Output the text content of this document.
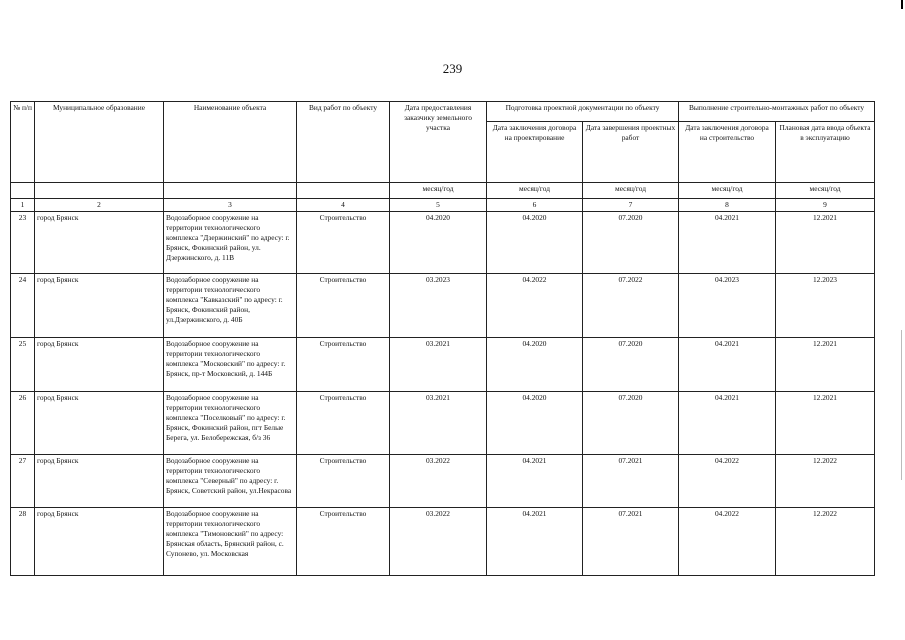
239
№ п/п	Муниципальное образование	Наименование объекта	Вид работ по объекту	Дата предоставления заказчику земельного участка	Подготовка проектной документации по объекту		Выполнение строительно-монтажных работ по объекту	
					Дата заключения договора на проектирование	Дата завершения проектных работ	Дата заключения договора на строительство	Плановая дата ввода объекта в эксплуатацию
				месяц/год	месяц/год	месяц/год	месяц/год	месяц/год
1	2	3	4	5	6	7	8	9
23	город Брянск	Водозаборное сооружение на территории технологического комплекса "Дзержинский" по адресу: г. Брянск, Фокинский район, ул. Дзержинского, д. 11В	Строительство	04.2020	04.2020	07.2020	04.2021	12.2021
24	город Брянск	Водозаборное сооружение на территории технологического комплекса "Кавказский" по адресу: г. Брянск, Фокинский район, ул.Дзержинского, д. 40Б	Строительство	03.2023	04.2022	07.2022	04.2023	12.2023
25	город Брянск	Водозаборное сооружение на территории технологического комплекса "Московский" по адресу: г. Брянск, пр-т Московский, д. 144Б	Строительство	03.2021	04.2020	07.2020	04.2021	12.2021
26	город Брянск	Водозаборное сооружение на территории технологического комплекса "Поселковый" по адресу: г. Брянск, Фокинский район, пгт Белые Берега, ул. Белобережская, б/з 36	Строительство	03.2021	04.2020	07.2020	04.2021	12.2021
27	город Брянск	Водозаборное сооружение на территории технологического комплекса "Северный" по адресу: г. Брянск, Советский район, ул.Некрасова	Строительство	03.2022	04.2021	07.2021	04.2022	12.2022
28	город Брянск	Водозаборное сооружение на территории технологического комплекса "Тимоновский" по адресу: Брянская область, Брянский район, с. Супонево, ул. Московская	Строительство	03.2022	04.2021	07.2021	04.2022	12.2022
